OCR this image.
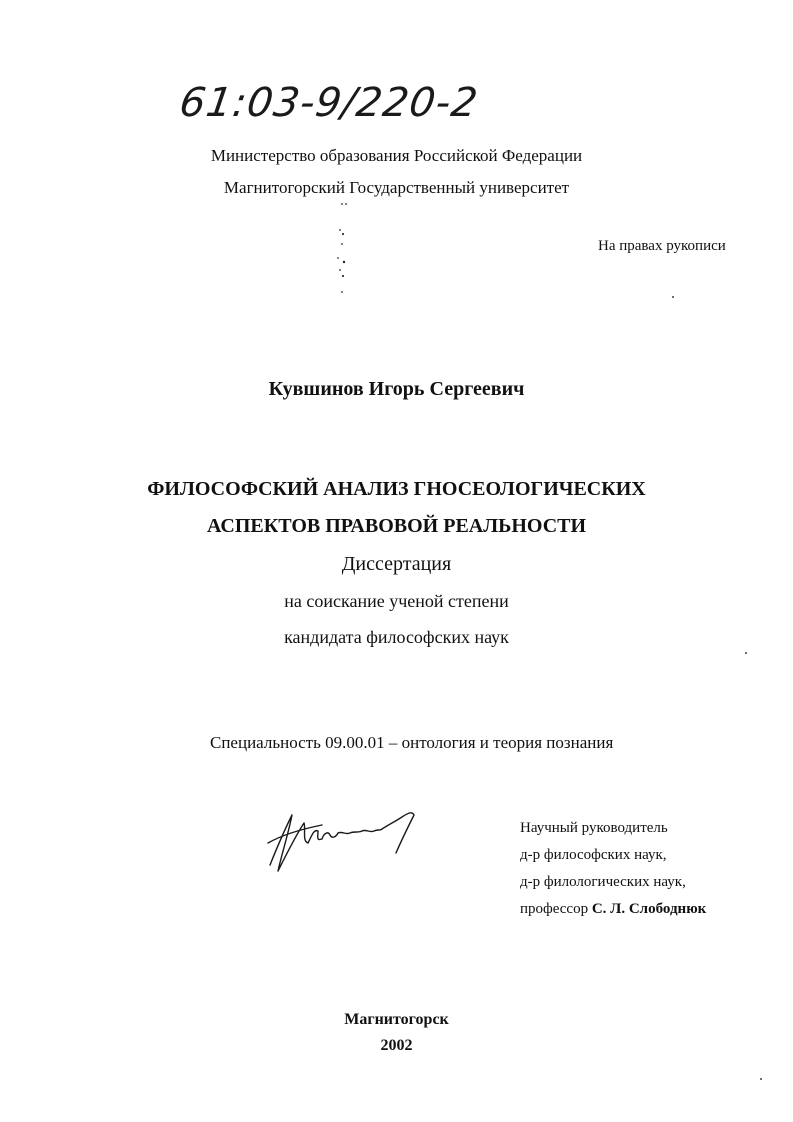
61:03-9/220-2
Министерство образования Российской Федерации
Магнитогорский Государственный университет
На правах рукописи
Кувшинов Игорь Сергеевич
ФИЛОСОФСКИЙ АНАЛИЗ ГНОСЕОЛОГИЧЕСКИХ
АСПЕКТОВ ПРАВОВОЙ РЕАЛЬНОСТИ
Диссертация
на соискание ученой степени
кандидата философских наук
Специальность 09.00.01 – онтология и теория познания
Научный руководитель
д-р философских наук,
д-р филологических наук,
профессор С. Л. Слободнюк
Магнитогорск
2002
